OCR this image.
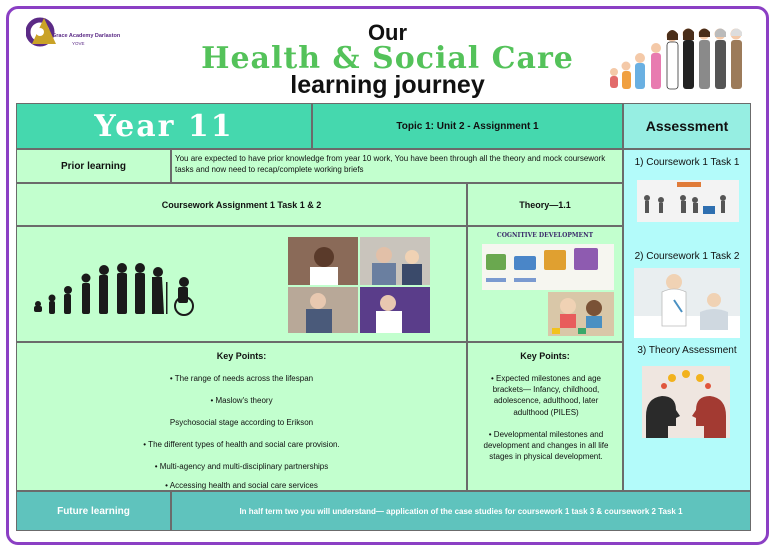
Grace Academy Darlaston
YOVE	Our
Health & Social Care
learning journey
Year 11	Topic 1: Unit 2 - Assignment 1	Assessment
Prior learning
You are expected to have prior knowledge from year 10 work, You have been through all the theory and mock coursework tasks and now need to recap/complete working briefs
1) Coursework 1 Task 1
2) Coursework 1 Task 2
3) Theory Assessment
Coursework Assignment 1 Task 1 & 2	Theory—1.1
COGNITIVE DEVELOPMENT
Key Points:
• The range of needs across the lifespan
• Maslow's theory
Psychosocial stage according to Erikson
• The different types of health and social care provision.
• Multi-agency and multi-disciplinary partnerships
• Accessing health and social care services
Key Points:
• Expected milestones and age brackets— Infancy, childhood, adolescence, adulthood, later adulthood (PILES)
• Developmental milestones and development and changes in all life stages in physical development.
Future learning	In half term two you will understand— application of the case studies for coursework 1 task 3 & coursework 2 Task 1
